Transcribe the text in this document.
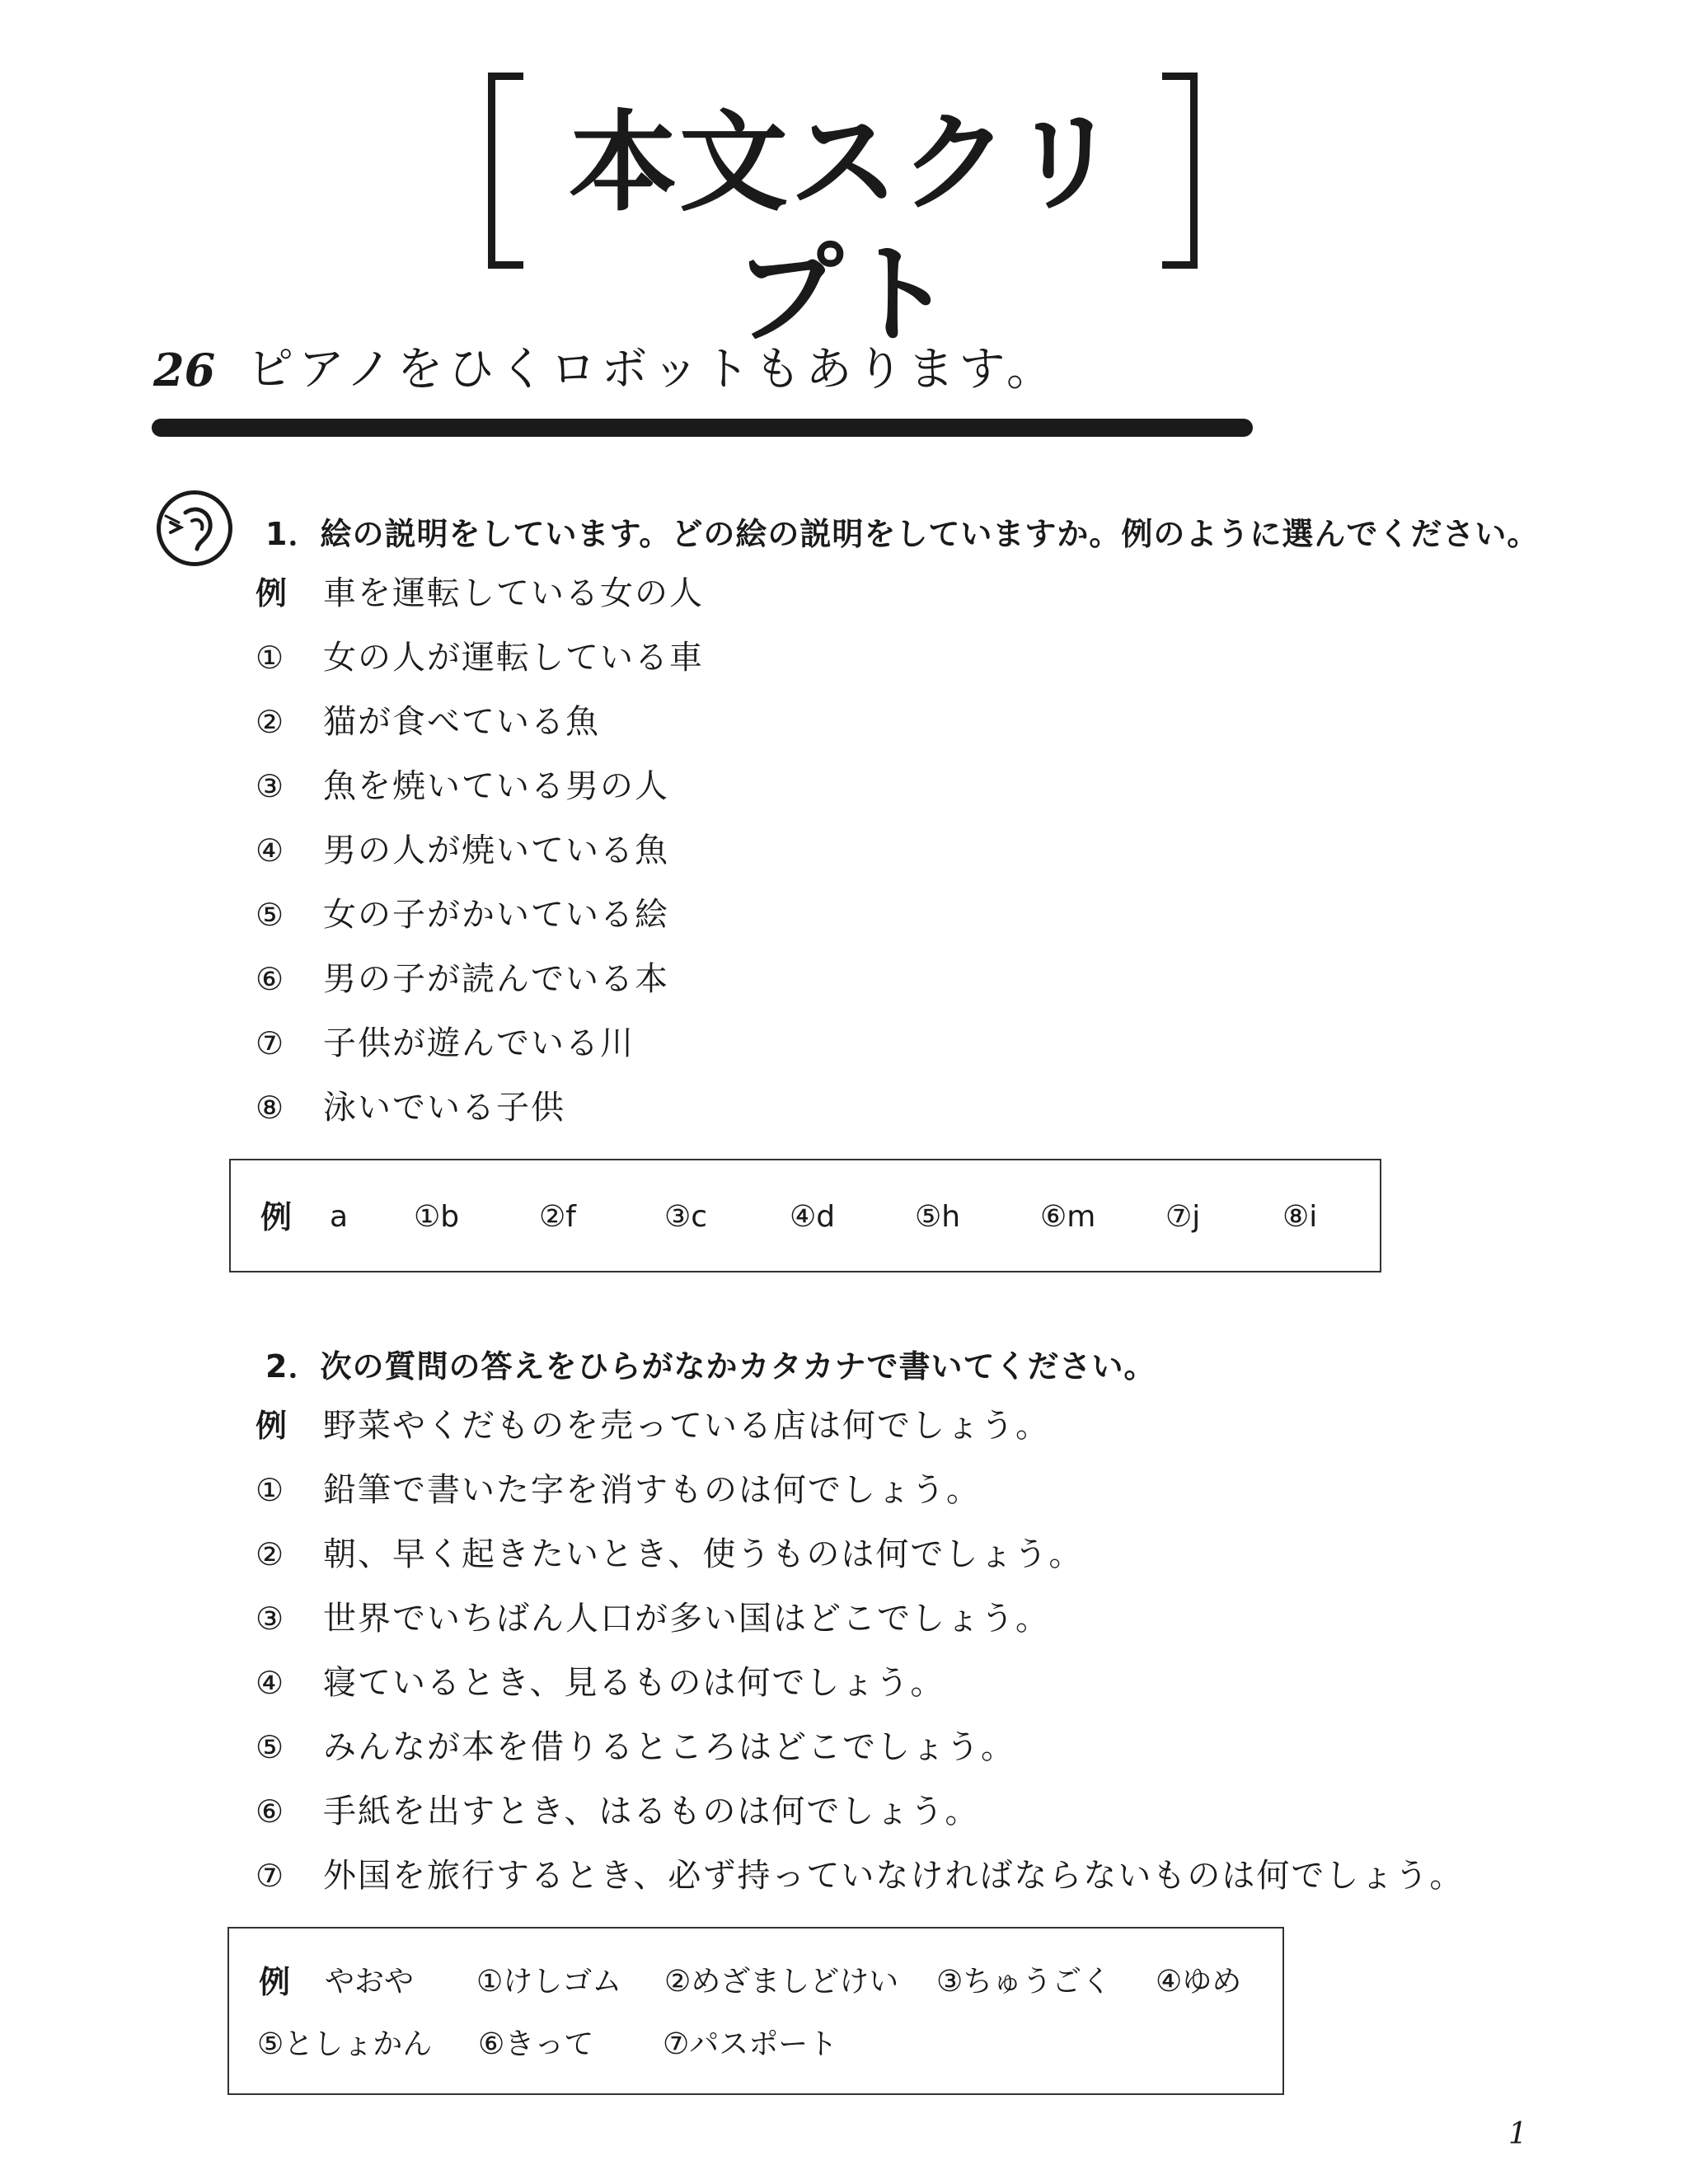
本文スクリプト
26 ピアノをひくロボットもあります。
1．絵の説明をしています。どの絵の説明をしていますか。例のように選んでください。
例	車を運転している女の人
①	女の人が運転している車
②	猫が食べている魚
③	魚を焼いている男の人
④	男の人が焼いている魚
⑤	女の子がかいている絵
⑥	男の子が読んでいる本
⑦	子供が遊んでいる川
⑧	泳いでいる子供
例 a ①b	②f	③c	④d	⑤h	⑥m ⑦j	⑧i
2．次の質問の答えをひらがなかカタカナで書いてください。
例	野菜やくだものを売っている店は何でしょう。
①	鉛筆で書いた字を消すものは何でしょう。
②	朝、早く起きたいとき、使うものは何でしょう。
③	世界でいちばん人口が多い国はどこでしょう。
④	寝ているとき、見るものは何でしょう。
⑤	みんなが本を借りるところはどこでしょう。
⑥	手紙を出すとき、はるものは何でしょう。
⑦	外国を旅行するとき、必ず持っていなければならないものは何でしょう。
例 やおや ①けしゴム ②めざましどけい ③ちゅうごく ④ゆめ
⑤としょかん ⑥きって ⑦パスポート
1
